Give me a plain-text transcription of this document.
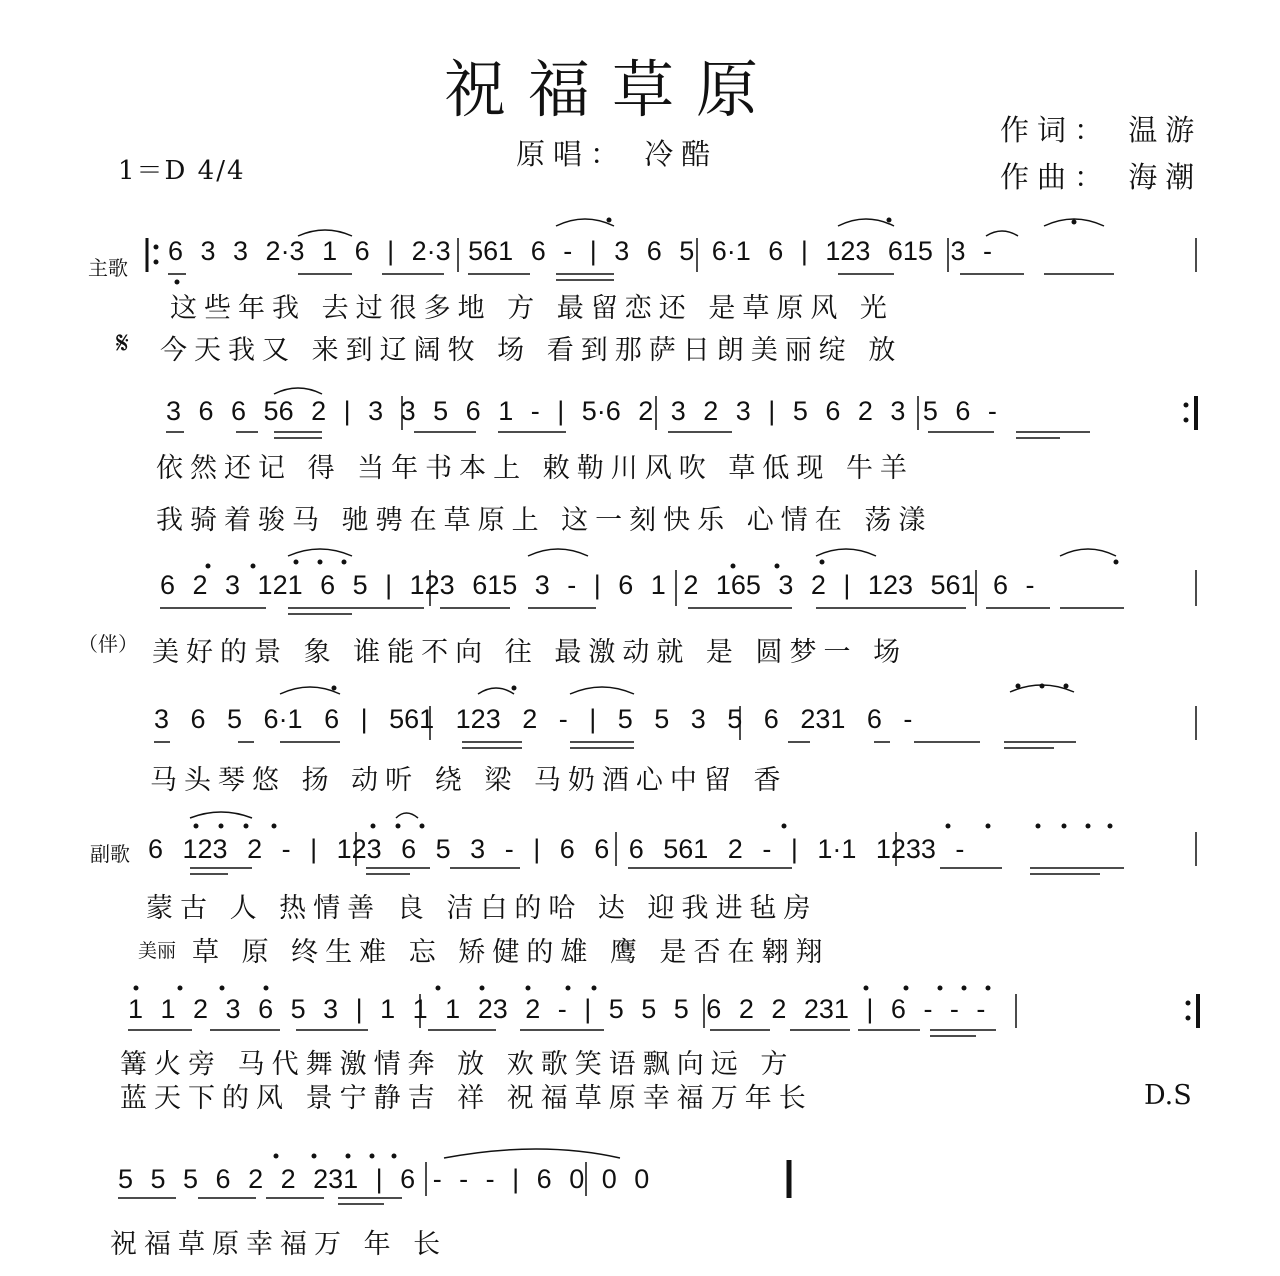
祝福草原
原唱： 冷酷
作词： 温游
作曲： 海潮
1＝D 4/4
主歌
𝄋
（伴）
副歌
美丽
D.S
6 3 3 2·3 1 6 | 2·3 561 6 - | 3 6 5 6·1 6 | 123 615 3 -
这些年我 去过很多地 方 最留恋还 是草原风 光
今天我又 来到辽阔牧 场 看到那萨日朗美丽绽 放
3 6 6 56 2 | 3 3 5 6 1 - | 5·6 2 3 2 3 | 5 6 2 3 5 6 -
依然还记 得 当年书本上 敕勒川风吹 草低现 牛羊
我骑着骏马 驰骋在草原上 这一刻快乐 心情在 荡漾
6 2 3 121 6 5 | 123 615 3 - | 6 1 2 165 3 2 | 123 561 6 -
美好的景 象 谁能不向 往 最激动就 是 圆梦一 场
3 6 5 6·1 6 | 561 123 2 - | 5 5 3 5 6 231 6 -
马头琴悠 扬 动听 绕 梁 马奶酒心中留 香
6 123 2 - | 123 6 5 3 - | 6 6 6 561 2 - | 1·1 1233 -
蒙古 人 热情善 良 洁白的哈 达 迎我进毡房
草 原 终生难 忘 矫健的雄 鹰 是否在翱翔
1 1 2 3 6 5 3 | 1 1 1 23 2 - | 5 5 5 6 2 2 231 | 6 - - -
篝火旁 马代舞激情奔 放 欢歌笑语飘向远 方
蓝天下的风 景宁静吉 祥 祝福草原幸福万年长
5 5 5 6 2 2 231 | 6 - - - | 6 0 0 0
祝福草原幸福万 年 长
